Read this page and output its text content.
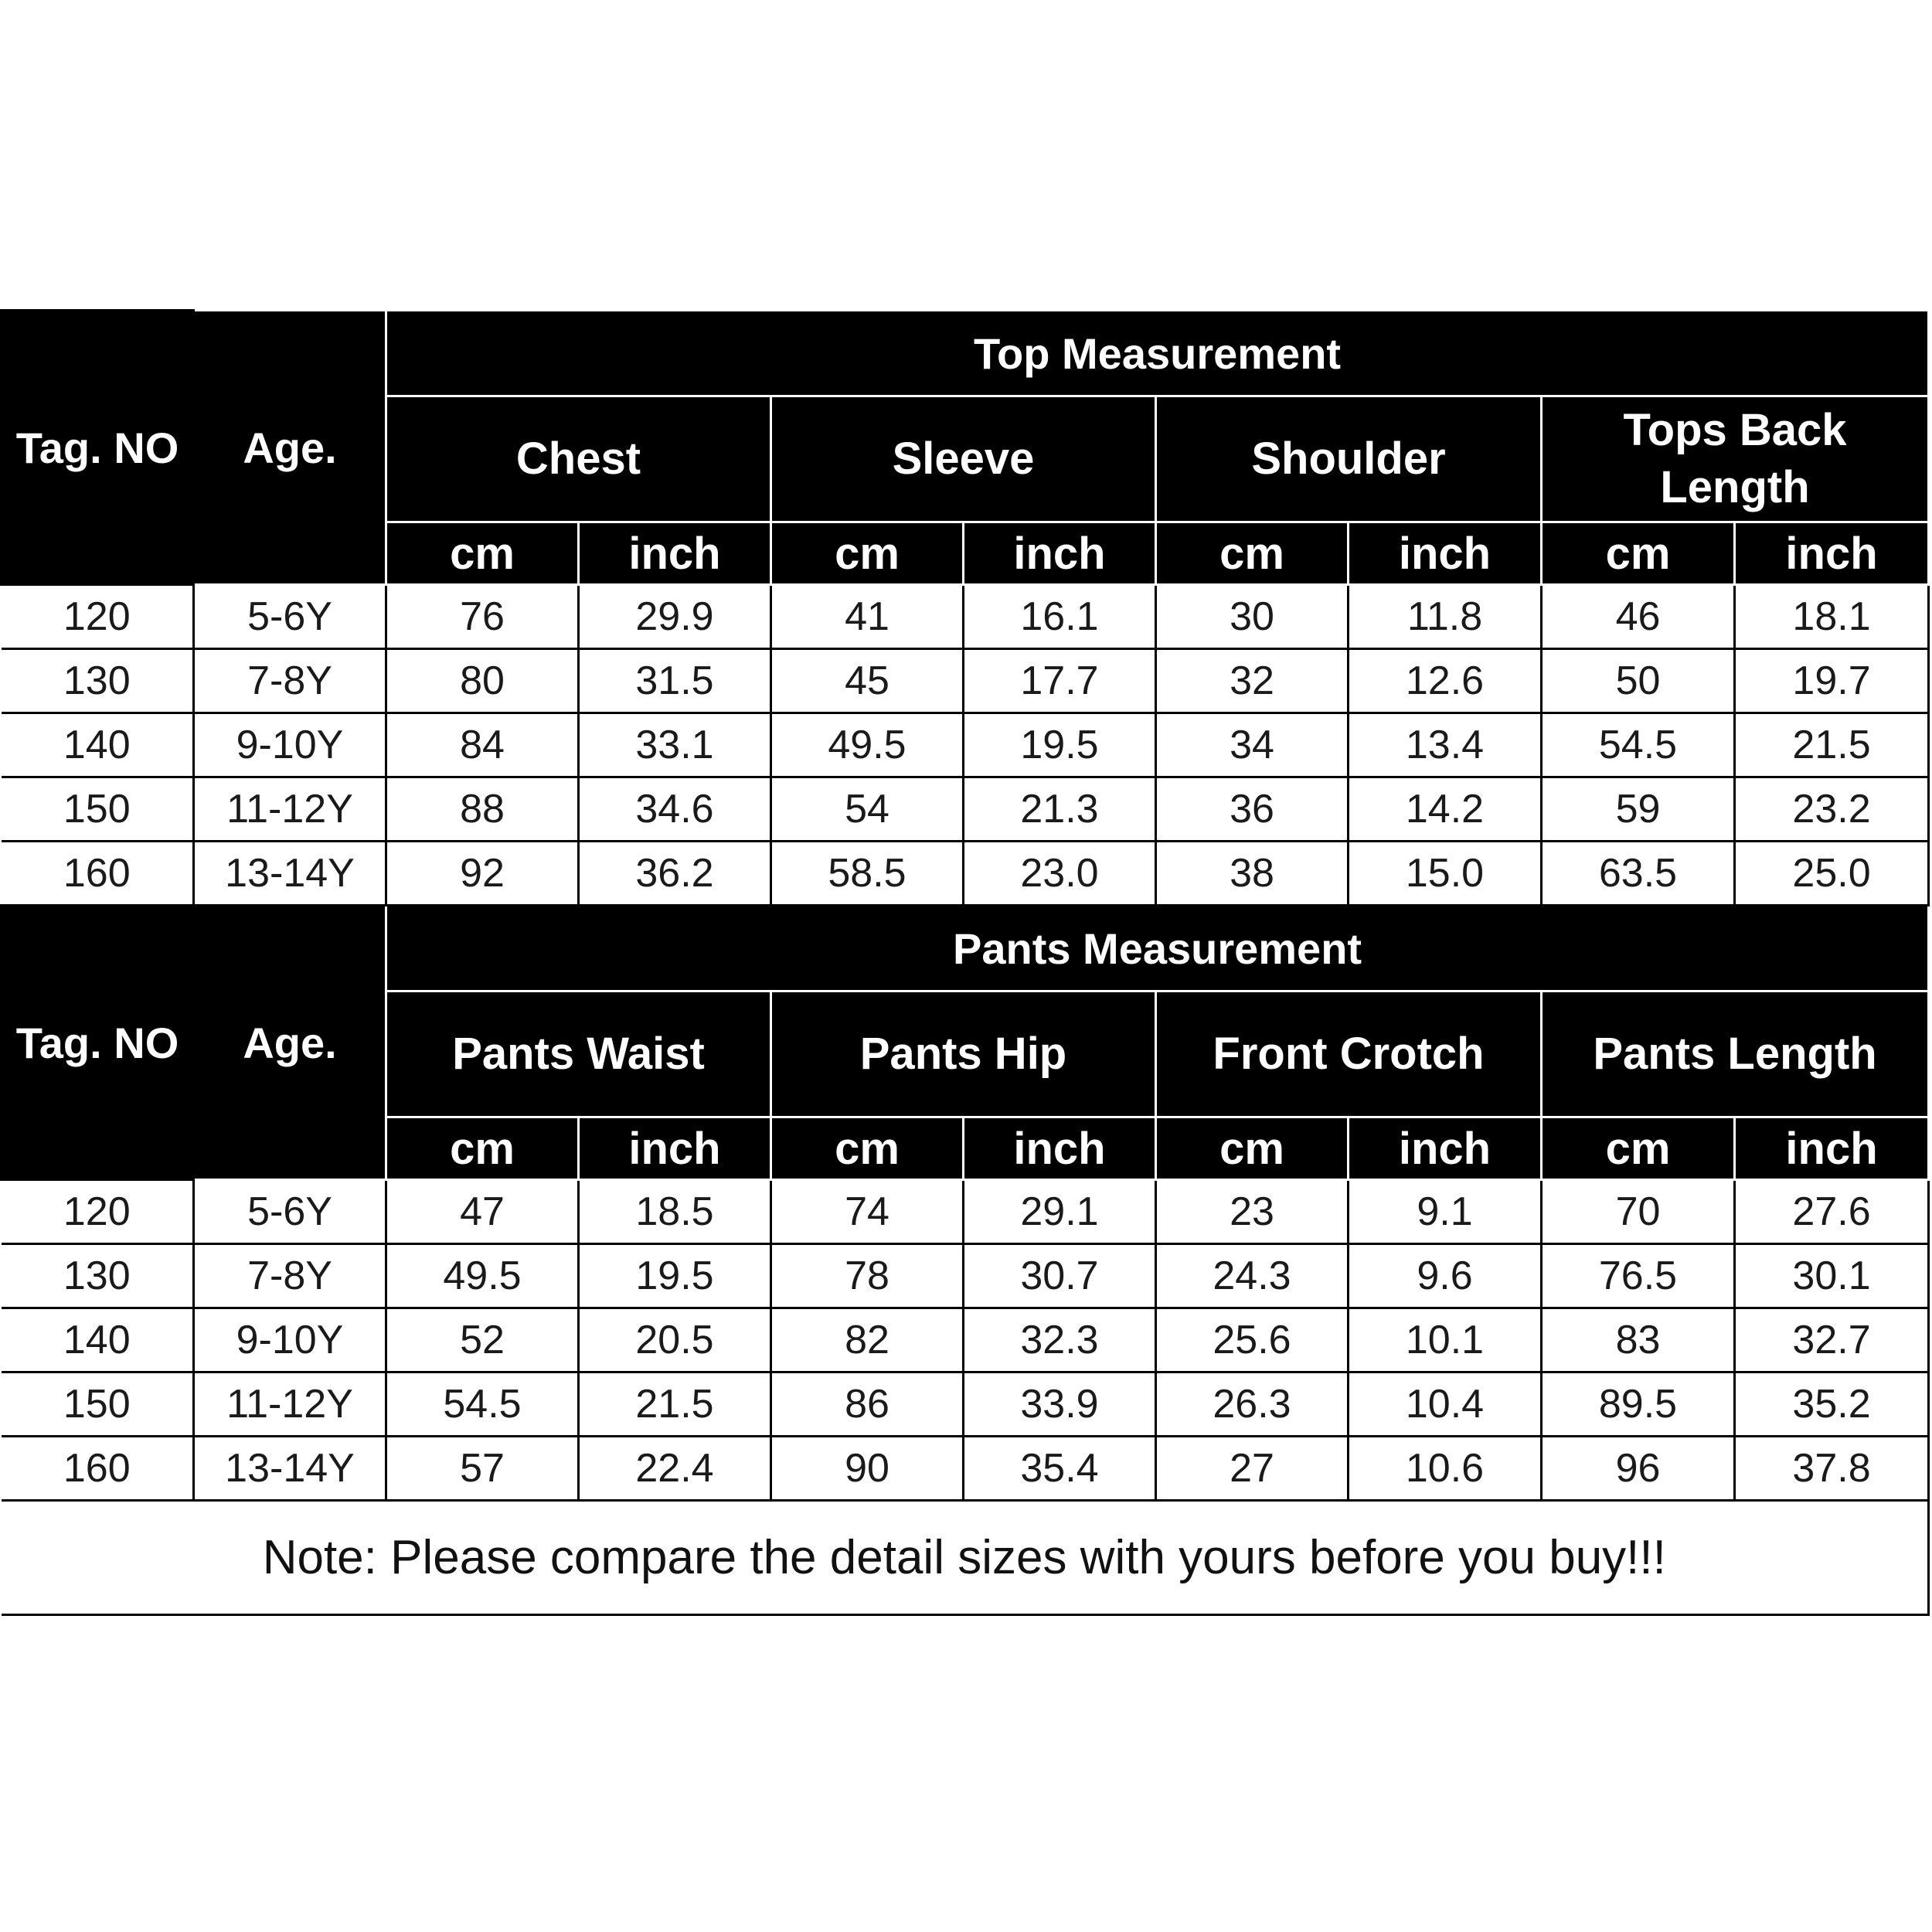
Tag. NO	Age.	Top Measurement							
		Chest		Sleeve		Shoulder		Tops Back Length	
		cm	inch	cm	inch	cm	inch	cm	inch
120	5-6Y	76	29.9	41	16.1	30	11.8	46	18.1
130	7-8Y	80	31.5	45	17.7	32	12.6	50	19.7
140	9-10Y	84	33.1	49.5	19.5	34	13.4	54.5	21.5
150	11-12Y	88	34.6	54	21.3	36	14.2	59	23.2
160	13-14Y	92	36.2	58.5	23.0	38	15.0	63.5	25.0
Tag. NO	Age.	Pants Measurement							
		Pants Waist		Pants Hip		Front Crotch		Pants Length	
		cm	inch	cm	inch	cm	inch	cm	inch
120	5-6Y	47	18.5	74	29.1	23	9.1	70	27.6
130	7-8Y	49.5	19.5	78	30.7	24.3	9.6	76.5	30.1
140	9-10Y	52	20.5	82	32.3	25.6	10.1	83	32.7
150	11-12Y	54.5	21.5	86	33.9	26.3	10.4	89.5	35.2
160	13-14Y	57	22.4	90	35.4	27	10.6	96	37.8
Note: Please compare the detail sizes with yours before you buy!!!									
